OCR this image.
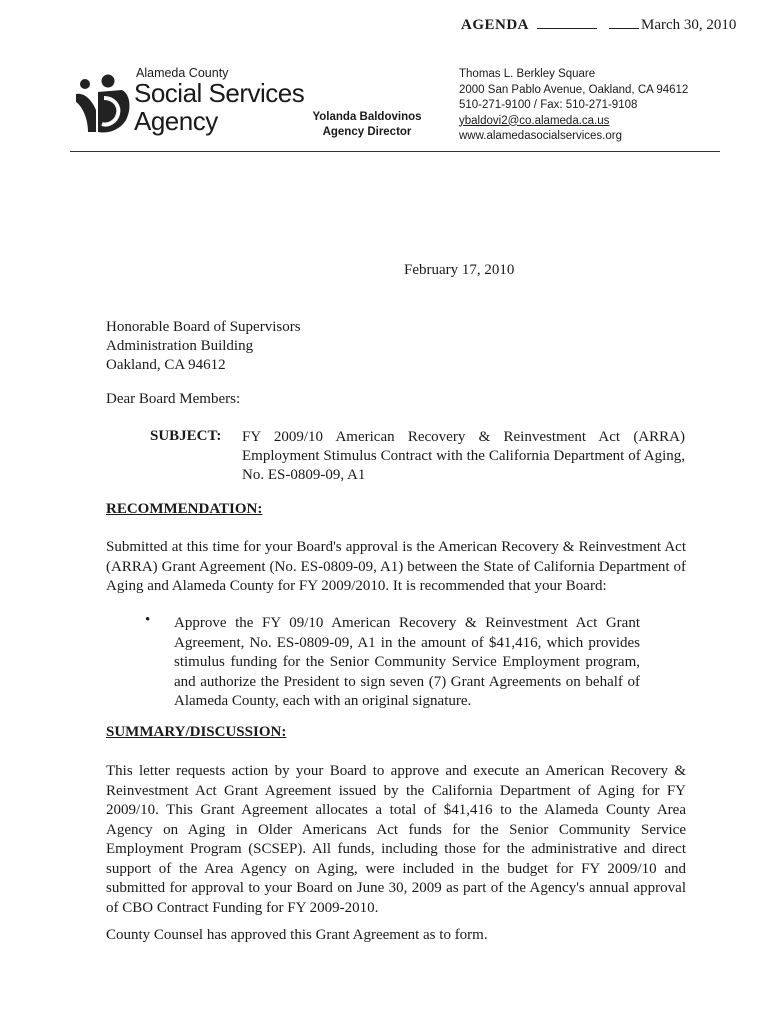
AGENDA	March 30, 2010
Alameda County
Social Services
Agency	Yolanda Baldovinos
Agency Director
Thomas L. Berkley Square
2000 San Pablo Avenue, Oakland, CA 94612
510-271-9100 / Fax: 510-271-9108
ybaldovi2@co.alameda.ca.us
www.alamedasocialservices.org
February 17, 2010
Honorable Board of Supervisors
Administration Building
Oakland, CA 94612
Dear Board Members:
SUBJECT: FY 2009/10 American Recovery & Reinvestment Act (ARRA) Employment Stimulus Contract with the California Department of Aging, No. ES-0809-09, A1
RECOMMENDATION:
Submitted at this time for your Board's approval is the American Recovery & Reinvestment Act (ARRA) Grant Agreement (No. ES-0809-09, A1) between the State of California Department of Aging and Alameda County for FY 2009/2010. It is recommended that your Board:
• Approve the FY 09/10 American Recovery & Reinvestment Act Grant Agreement, No. ES-0809-09, A1 in the amount of $41,416, which provides stimulus funding for the Senior Community Service Employment program, and authorize the President to sign seven (7) Grant Agreements on behalf of Alameda County, each with an original signature.
SUMMARY/DISCUSSION:
This letter requests action by your Board to approve and execute an American Recovery & Reinvestment Act Grant Agreement issued by the California Department of Aging for FY 2009/10. This Grant Agreement allocates a total of $41,416 to the Alameda County Area Agency on Aging in Older Americans Act funds for the Senior Community Service Employment Program (SCSEP). All funds, including those for the administrative and direct support of the Area Agency on Aging, were included in the budget for FY 2009/10 and submitted for approval to your Board on June 30, 2009 as part of the Agency's annual approval of CBO Contract Funding for FY 2009-2010.
County Counsel has approved this Grant Agreement as to form.
